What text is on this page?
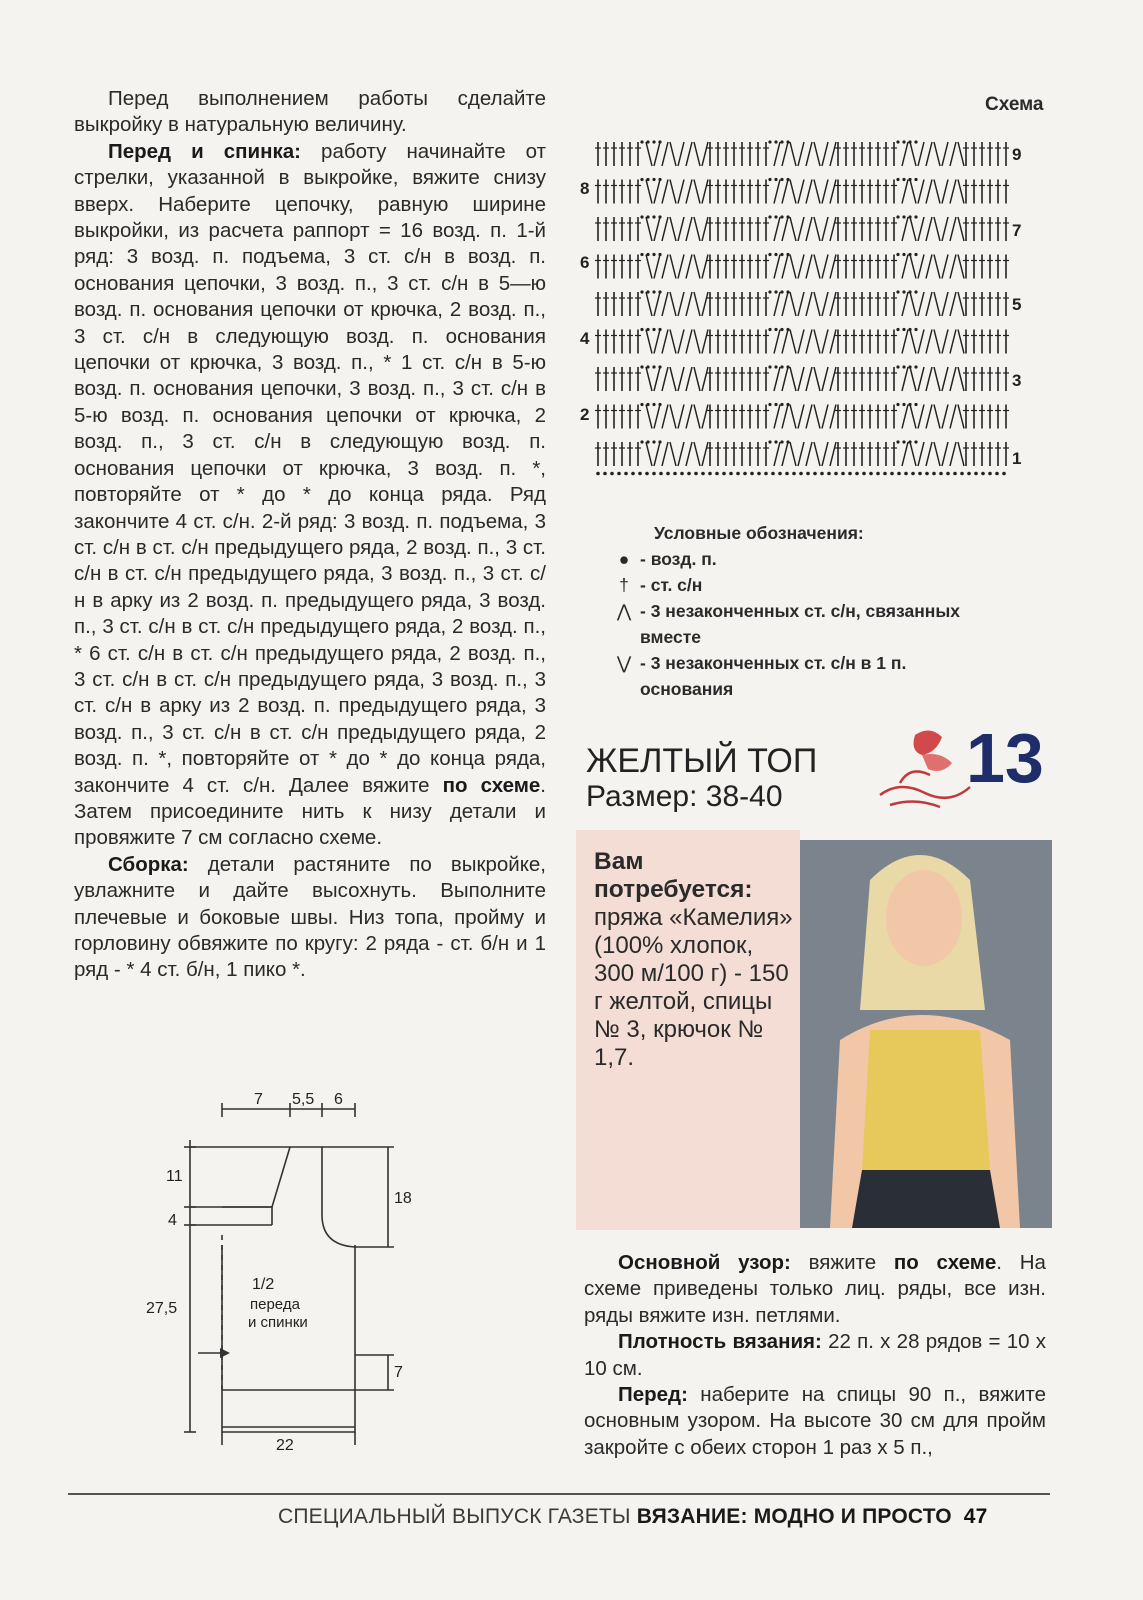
Перед выполнением работы сделайте выкройку в натуральную величину.

Перед и спинка: работу начинайте от стрелки, указанной в выкройке, вяжите снизу вверх. Наберите цепочку, равную ширине выкройки, из расчета раппорт = 16 возд. п. 1-й ряд: 3 возд. п. подъема, 3 ст. с/н в возд. п. основания цепочки, 3 возд. п., 3 ст. с/н в 5—ю возд. п. основания цепочки от крючка, 2 возд. п., 3 ст. с/н в следующую возд. п. основания цепочки от крючка, 3 возд. п., * 1 ст. с/н в 5-ю возд. п. основания цепочки, 3 возд. п., 3 ст. с/н в 5-ю возд. п. основания цепочки от крючка, 2 возд. п., 3 ст. с/н в следующую возд. п. основания цепочки от крючка, 3 возд. п. *, повторяйте от * до * до конца ряда. Ряд закончите 4 ст. с/н. 2-й ряд: 3 возд. п. подъема, 3 ст. с/н в ст. с/н предыдущего ряда, 2 возд. п., 3 ст. с/н в ст. с/н предыдущего ряда, 3 возд. п., 3 ст. с/н в арку из 2 возд. п. предыдущего ряда, 3 возд. п., 3 ст. с/н в ст. с/н предыдущего ряда, 2 возд. п., * 6 ст. с/н в ст. с/н предыдущего ряда, 2 возд. п., 3 ст. с/н в ст. с/н предыдущего ряда, 3 возд. п., 3 ст. с/н в арку из 2 возд. п. предыдущего ряда, 3 возд. п., 3 ст. с/н в ст. с/н предыдущего ряда, 2 возд. п. *, повторяйте от * до * до конца ряда, закончите 4 ст. с/н. Далее вяжите по схеме. Затем присоедините нить к низу детали и провяжите 7 см согласно схеме.

Сборка: детали растяните по выкройке, увлажните и дайте высохнуть. Выполните плечевые и боковые швы. Низ топа, пройму и горловину обвяжите по кругу: 2 ряда - ст. б/н и 1 ряд - * 4 ст. б/н, 1 пико *.

7 5,5 6
11
4
27,5
18
7
22
1/2
переда
и спинки
Схема
8
6
4
2
9
7
5
3
1
Условные обозначения:
● - возд. п.
† - ст. с/н
⋀ - 3 незаконченных ст. с/н, связанных вместе
⋁ - 3 незаконченных ст. с/н в 1 п. основания
ЖЕЛТЫЙ ТОП
Размер: 38-40	13
Вам потребуется:
пряжа «Камелия» (100% хлопок, 300 м/100 г) - 150 г желтой, спицы № 3, крючок № 1,7.

Основной узор: вяжите по схеме. На схеме приведены только лиц. ряды, все изн. ряды вяжите изн. петлями.

Плотность вязания: 22 п. х 28 рядов = 10 х 10 см.

Перед: наберите на спицы 90 п., вяжите основным узором. На высоте 30 см для пройм закройте с обеих сторон 1 раз х 5 п.,

СПЕЦИАЛЬНЫЙ ВЫПУСК ГАЗЕТЫ ВЯЗАНИЕ: МОДНО И ПРОСТО 47
